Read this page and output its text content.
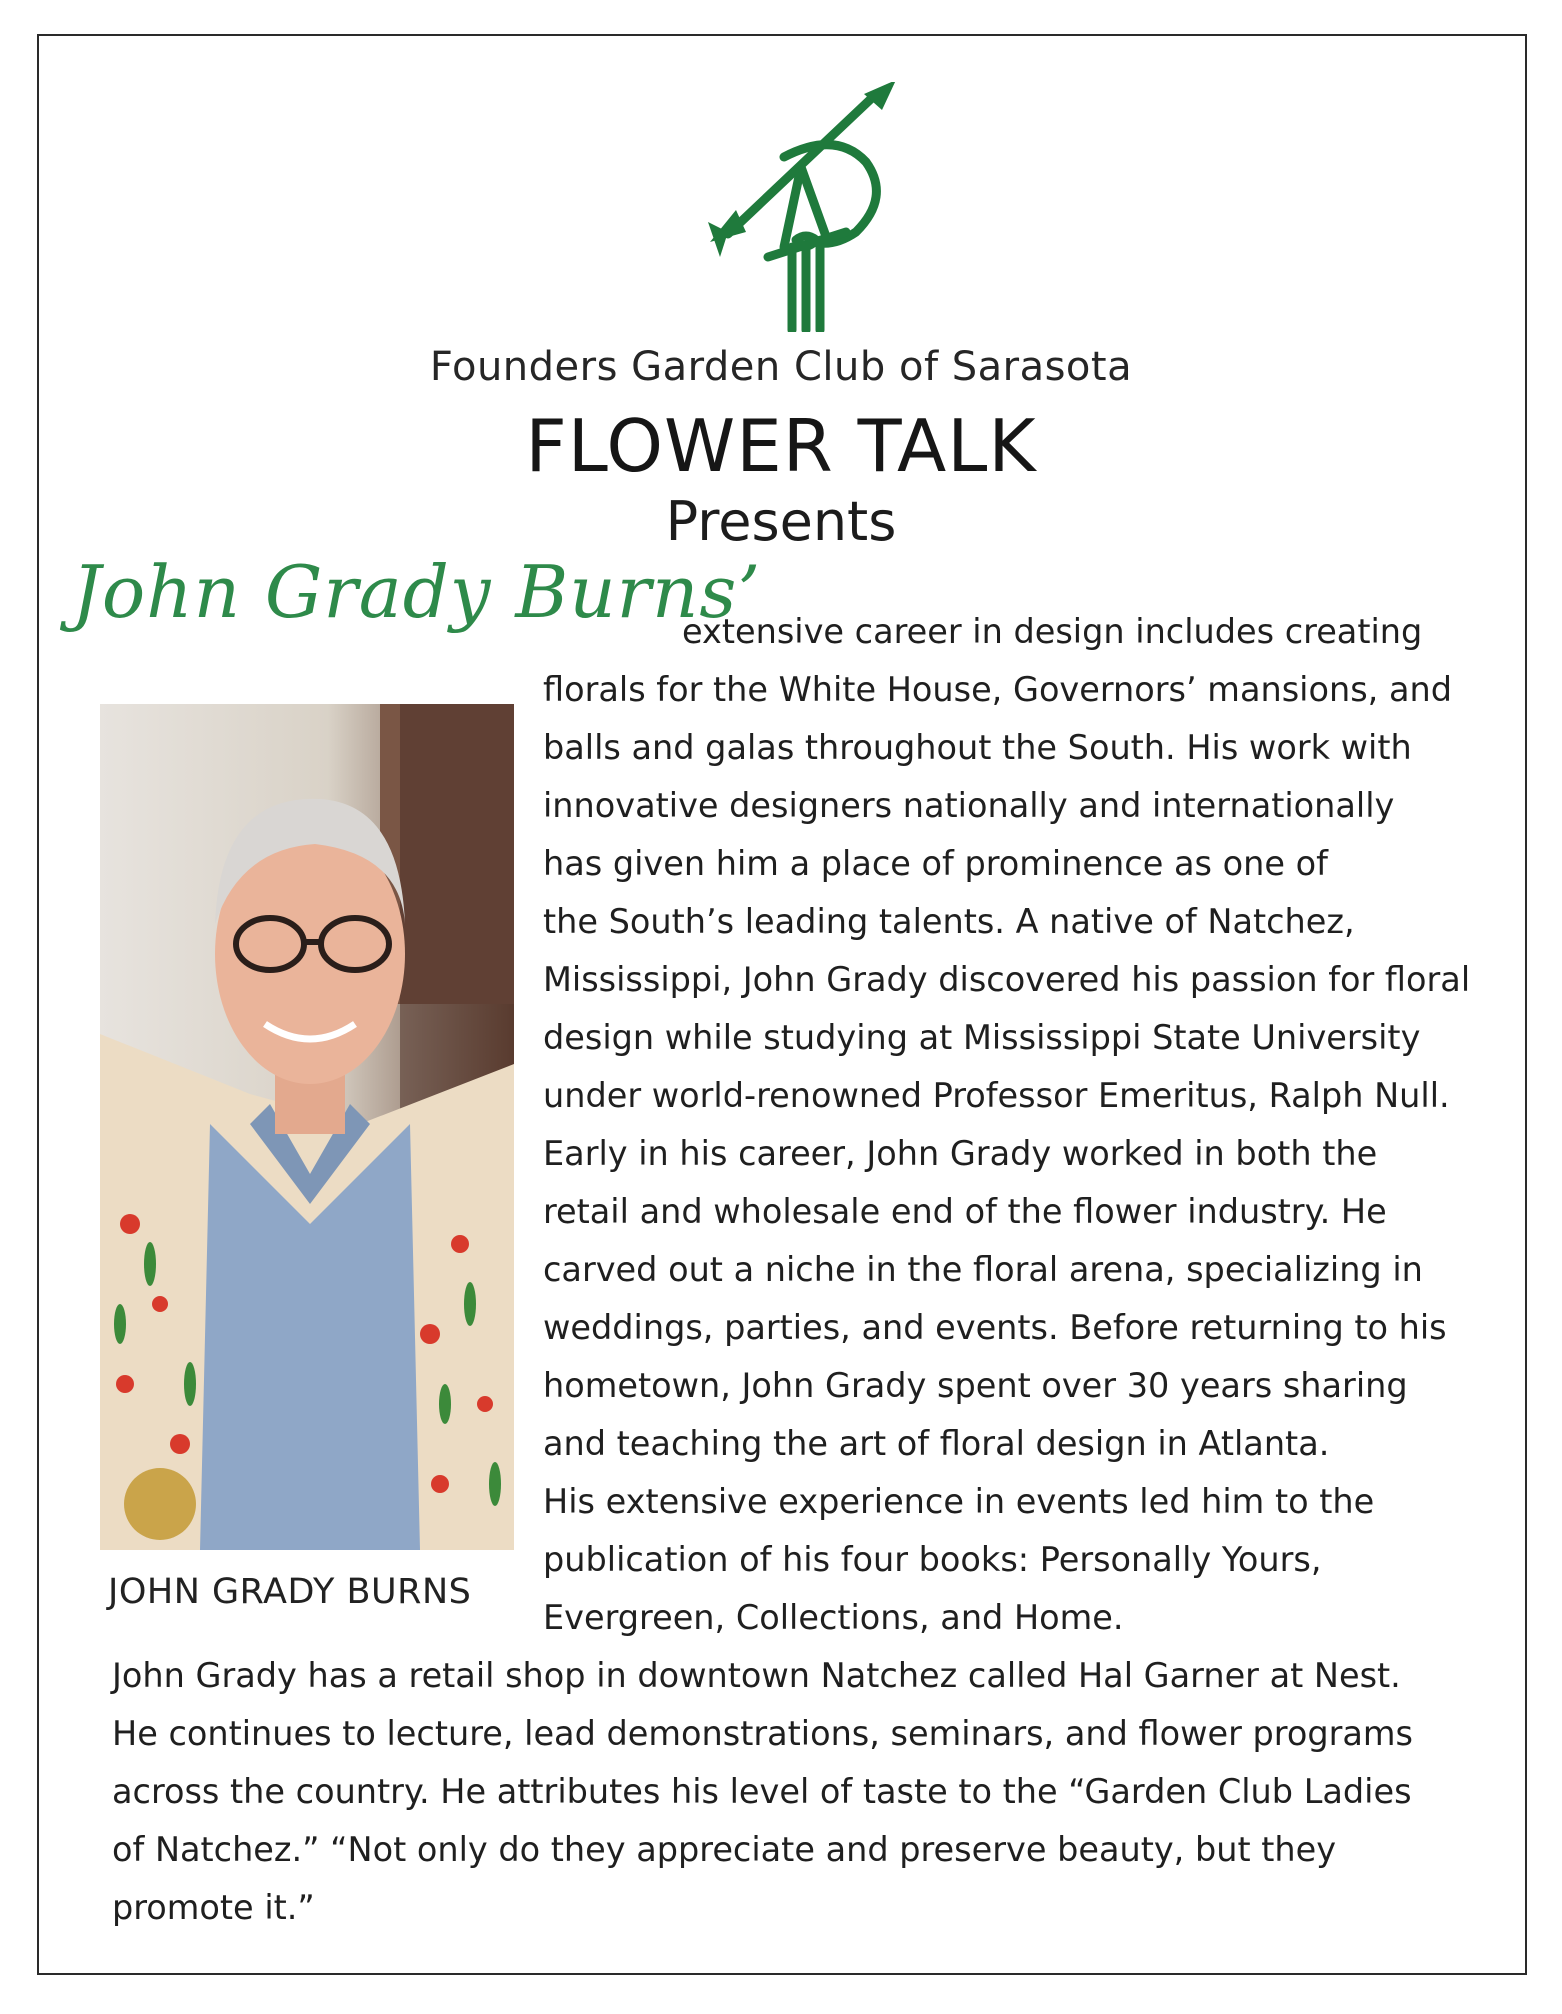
Founders Garden Club of Sarasota
FLOWER TALK
Presents
John Grady Burns’
JOHN GRADY BURNS
extensive career in design includes creating
florals for the White House, Governors’ mansions, and
balls and galas throughout the South. His work with
innovative designers nationally and internationally
has given him a place of prominence as one of
the South’s leading talents. A native of Natchez,
Mississippi, John Grady discovered his passion for floral
design while studying at Mississippi State University
under world-renowned Professor Emeritus, Ralph Null.
Early in his career, John Grady worked in both the
retail and wholesale end of the flower industry. He
carved out a niche in the floral arena, specializing in
weddings, parties, and events. Before returning to his
hometown, John Grady spent over 30 years sharing
and teaching the art of floral design in Atlanta.
His extensive experience in events led him to the
publication of his four books: Personally Yours,
Evergreen, Collections, and Home.
John Grady has a retail shop in downtown Natchez called Hal Garner at Nest.
He continues to lecture, lead demonstrations, seminars, and flower programs
across the country. He attributes his level of taste to the “Garden Club Ladies
of Natchez.” “Not only do they appreciate and preserve beauty, but they
promote it.”
